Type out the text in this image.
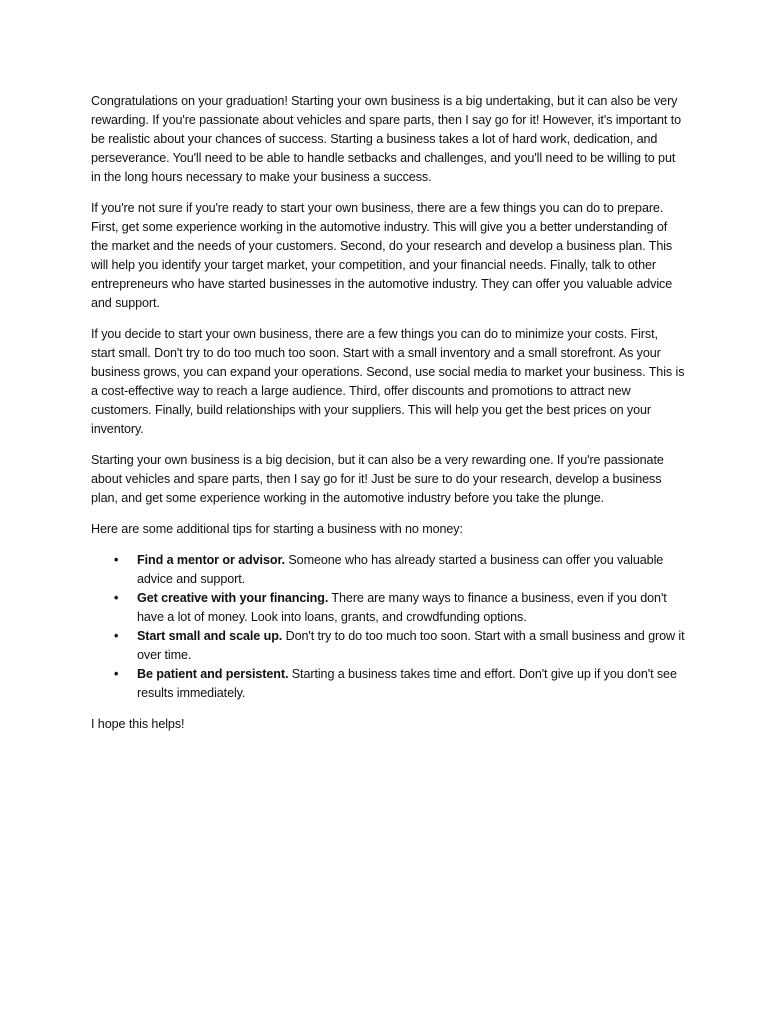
Congratulations on your graduation! Starting your own business is a big undertaking, but it can also be very rewarding. If you're passionate about vehicles and spare parts, then I say go for it! However, it's important to be realistic about your chances of success. Starting a business takes a lot of hard work, dedication, and perseverance. You'll need to be able to handle setbacks and challenges, and you'll need to be willing to put in the long hours necessary to make your business a success.

If you're not sure if you're ready to start your own business, there are a few things you can do to prepare. First, get some experience working in the automotive industry. This will give you a better understanding of the market and the needs of your customers. Second, do your research and develop a business plan. This will help you identify your target market, your competition, and your financial needs. Finally, talk to other entrepreneurs who have started businesses in the automotive industry. They can offer you valuable advice and support.

If you decide to start your own business, there are a few things you can do to minimize your costs. First, start small. Don't try to do too much too soon. Start with a small inventory and a small storefront. As your business grows, you can expand your operations. Second, use social media to market your business. This is a cost-effective way to reach a large audience. Third, offer discounts and promotions to attract new customers. Finally, build relationships with your suppliers. This will help you get the best prices on your inventory.

Starting your own business is a big decision, but it can also be a very rewarding one. If you're passionate about vehicles and spare parts, then I say go for it! Just be sure to do your research, develop a business plan, and get some experience working in the automotive industry before you take the plunge.

Here are some additional tips for starting a business with no money:

• Find a mentor or advisor. Someone who has already started a business can offer you valuable advice and support.
• Get creative with your financing. There are many ways to finance a business, even if you don't have a lot of money. Look into loans, grants, and crowdfunding options.
• Start small and scale up. Don't try to do too much too soon. Start with a small business and grow it over time.
• Be patient and persistent. Starting a business takes time and effort. Don't give up if you don't see results immediately.

I hope this helps!
